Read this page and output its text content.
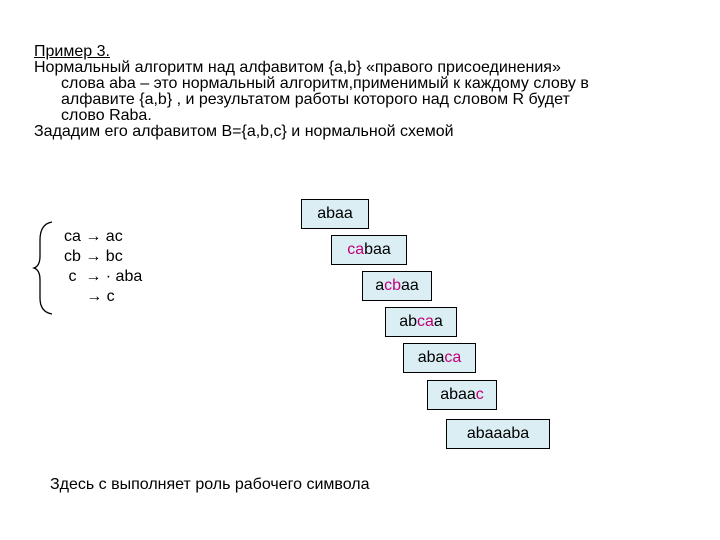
Пример 3.
Нормальный алгоритм над алфавитом {a,b} «правого присоединения»
слова aba – это нормальный алгоритм,применимый к каждому слову в
алфавите {a,b} , и результатом работы которого над словом R будет
слово Raba.
Зададим его алфавитом B={a,b,c} и нормальной схемой
ca → ac
cb → bc
c  → · aba
→ c
abaa
cabaa
acbaa
abcaa
abaca
abaac
abaaaba
Здесь c выполняет роль рабочего символа
